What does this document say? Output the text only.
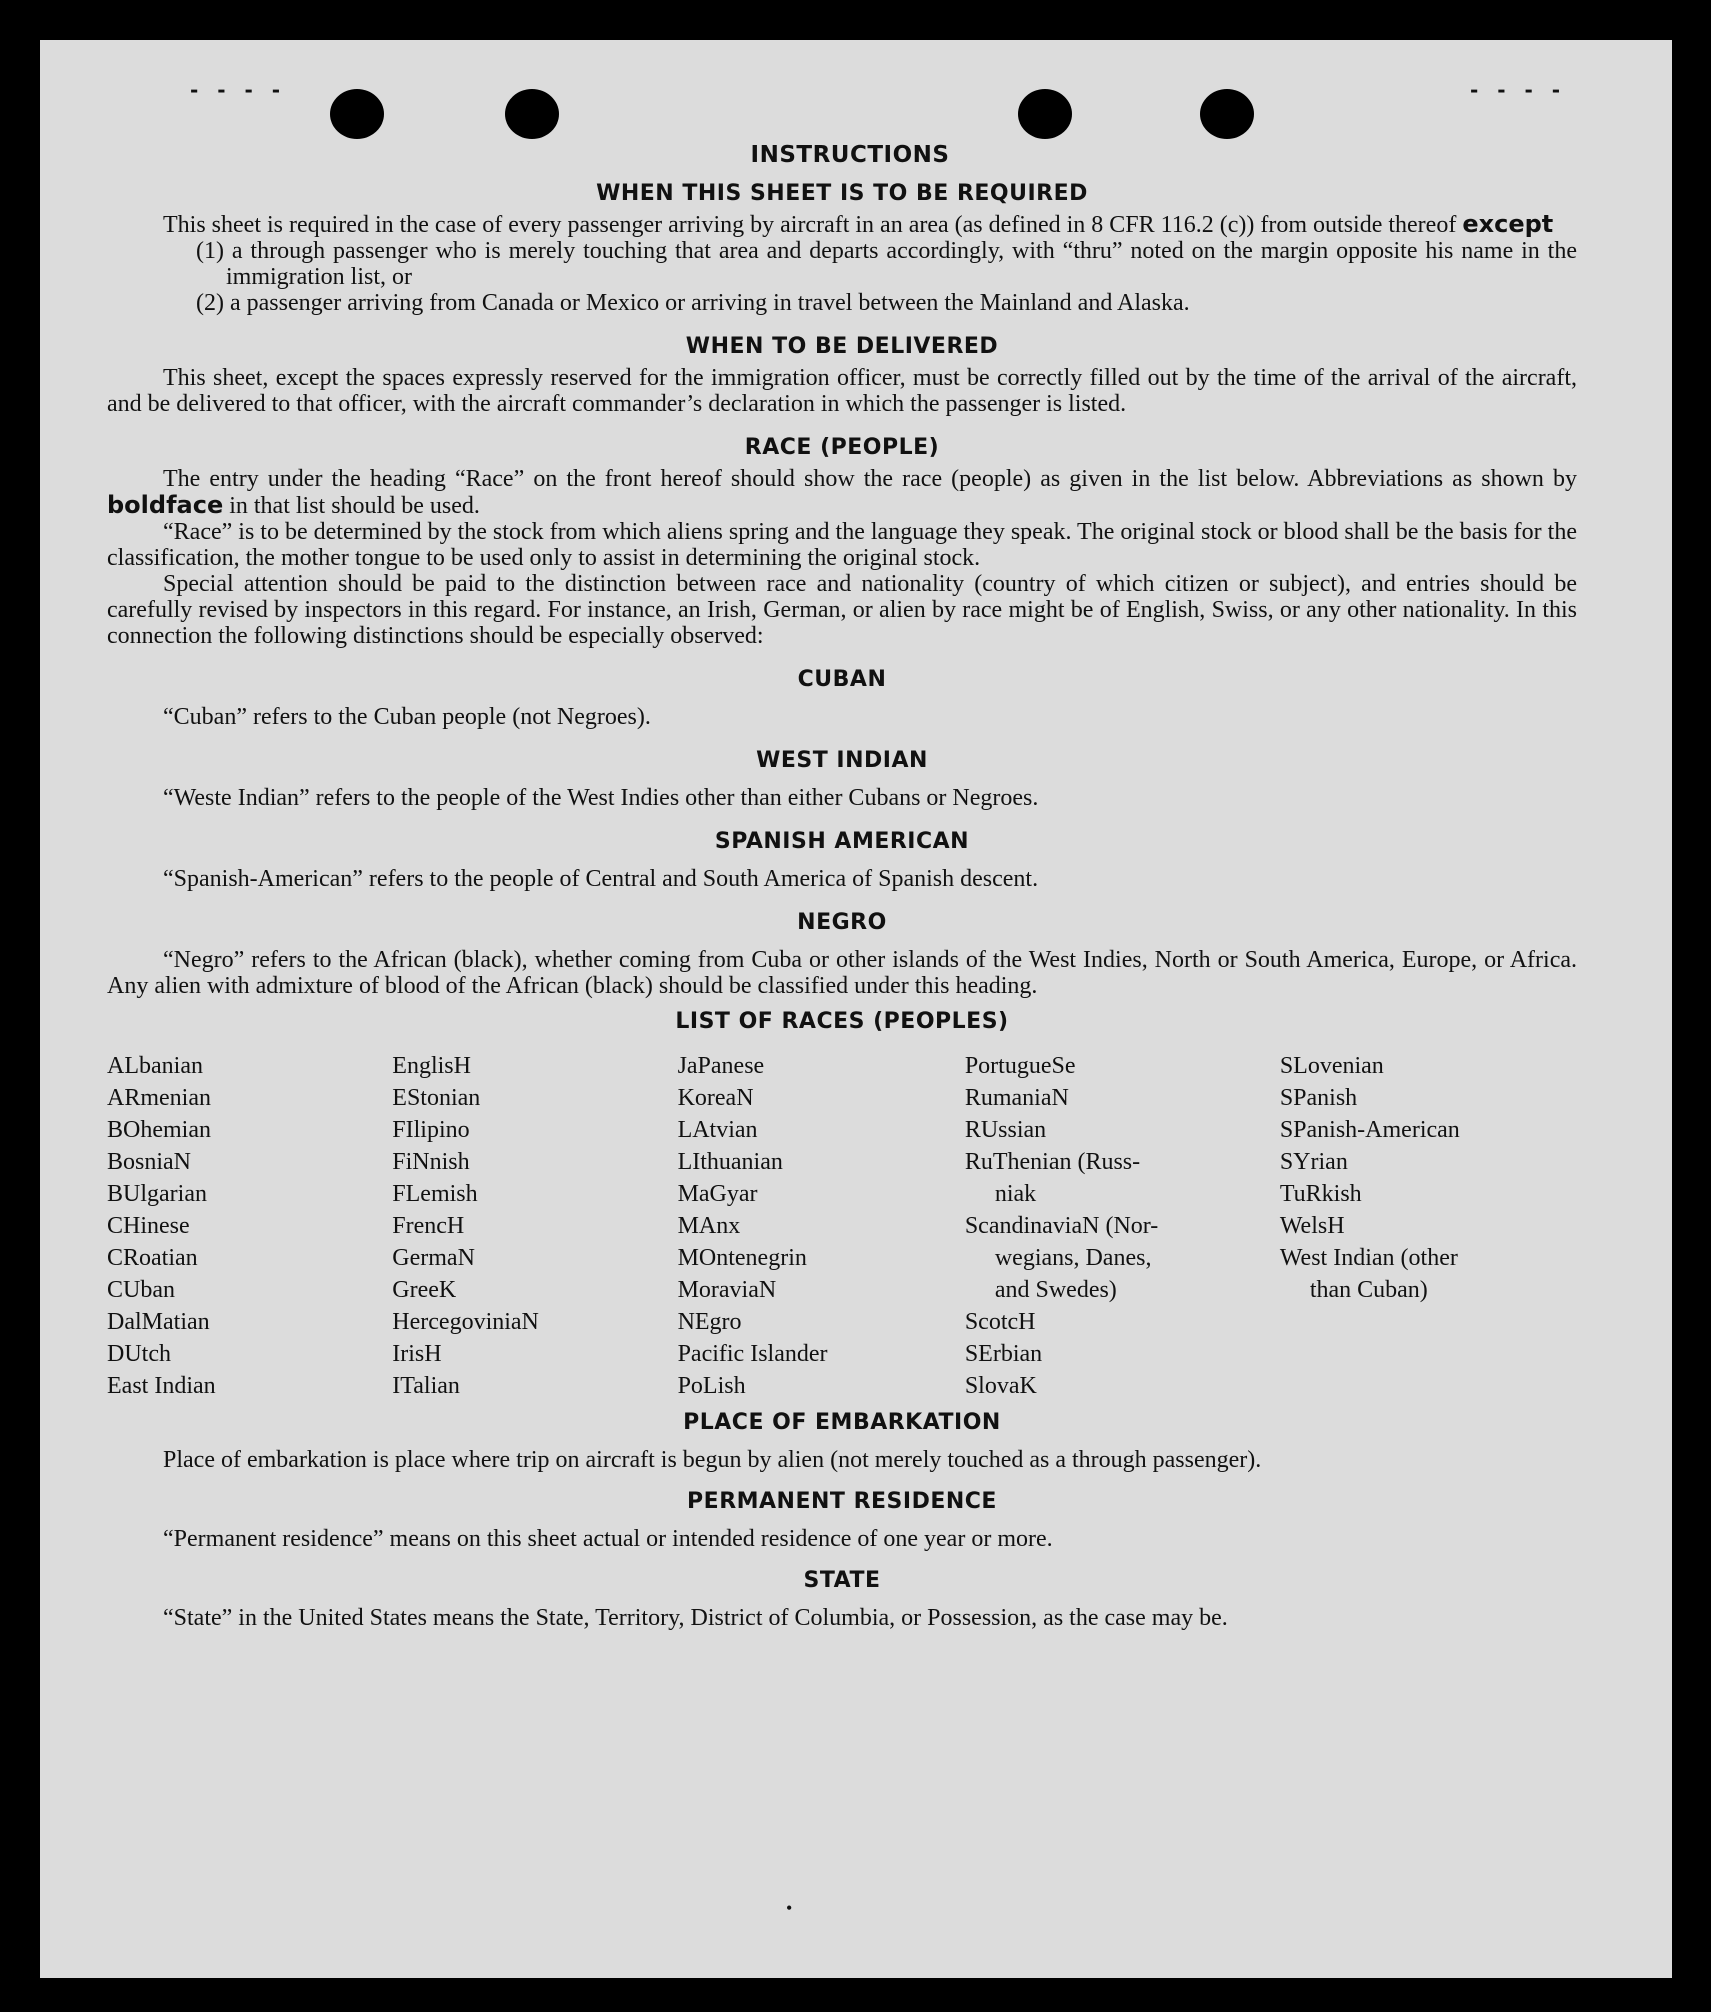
- - - -	- - - -
INSTRUCTIONS
WHEN THIS SHEET IS TO BE REQUIRED

This sheet is required in the case of every passenger arriving by aircraft in an area (as defined in 8 CFR 116.2 (c)) from outside thereof except

(1) a through passenger who is merely touching that area and departs accordingly, with “thru” noted on the margin opposite his name in the immigration list, or

(2) a passenger arriving from Canada or Mexico or arriving in travel between the Mainland and Alaska.

WHEN TO BE DELIVERED

This sheet, except the spaces expressly reserved for the immigration officer, must be correctly filled out by the time of the arrival of the aircraft, and be delivered to that officer, with the aircraft commander’s declaration in which the passenger is listed.

RACE (PEOPLE)

The entry under the heading “Race” on the front hereof should show the race (people) as given in the list below. Abbreviations as shown by boldface in that list should be used.

“Race” is to be determined by the stock from which aliens spring and the language they speak. The original stock or blood shall be the basis for the classification, the mother tongue to be used only to assist in determining the original stock.

Special attention should be paid to the distinction between race and nationality (country of which citizen or subject), and entries should be carefully revised by inspectors in this regard. For instance, an Irish, German, or alien by race might be of English, Swiss, or any other nationality. In this connection the following distinctions should be especially observed:

CUBAN

“Cuban” refers to the Cuban people (not Negroes).

WEST INDIAN

“Weste Indian” refers to the people of the West Indies other than either Cubans or Negroes.

SPANISH AMERICAN

“Spanish-American” refers to the people of Central and South America of Spanish descent.

NEGRO

“Negro” refers to the African (black), whether coming from Cuba or other islands of the West Indies, North or South America, Europe, or Africa. Any alien with admixture of blood of the African (black) should be classified under this heading.

LIST OF RACES (PEOPLES)
ALbanian
ARmenian
BOhemian
BosniaN
BUlgarian
CHinese
CRoatian
CUban
DalMatian
DUtch
East Indian
EnglisH
EStonian
FIlipino
FiNnish
FLemish
FrencH
GermaN
GreeK
HercegoviniaN
IrisH
ITalian
JaPanese
KoreaN
LAtvian
LIthuanian
MaGyar
MAnx
MOntenegrin
MoraviaN
NEgro
Pacific Islander
PoLish
PortugueSe
RumaniaN
RUssian
RuThenian (Russ-
niak
ScandinaviaN (Nor-
wegians, Danes,
and Swedes)
ScotcH
SErbian
SlovaK
SLovenian
SPanish
SPanish-American
SYrian
TuRkish
WelsH
West Indian (other
than Cuban)
PLACE OF EMBARKATION

Place of embarkation is place where trip on aircraft is begun by alien (not merely touched as a through passenger).

PERMANENT RESIDENCE

“Permanent residence” means on this sheet actual or intended residence of one year or more.

STATE

“State” in the United States means the State, Territory, District of Columbia, or Possession, as the case may be.

•
